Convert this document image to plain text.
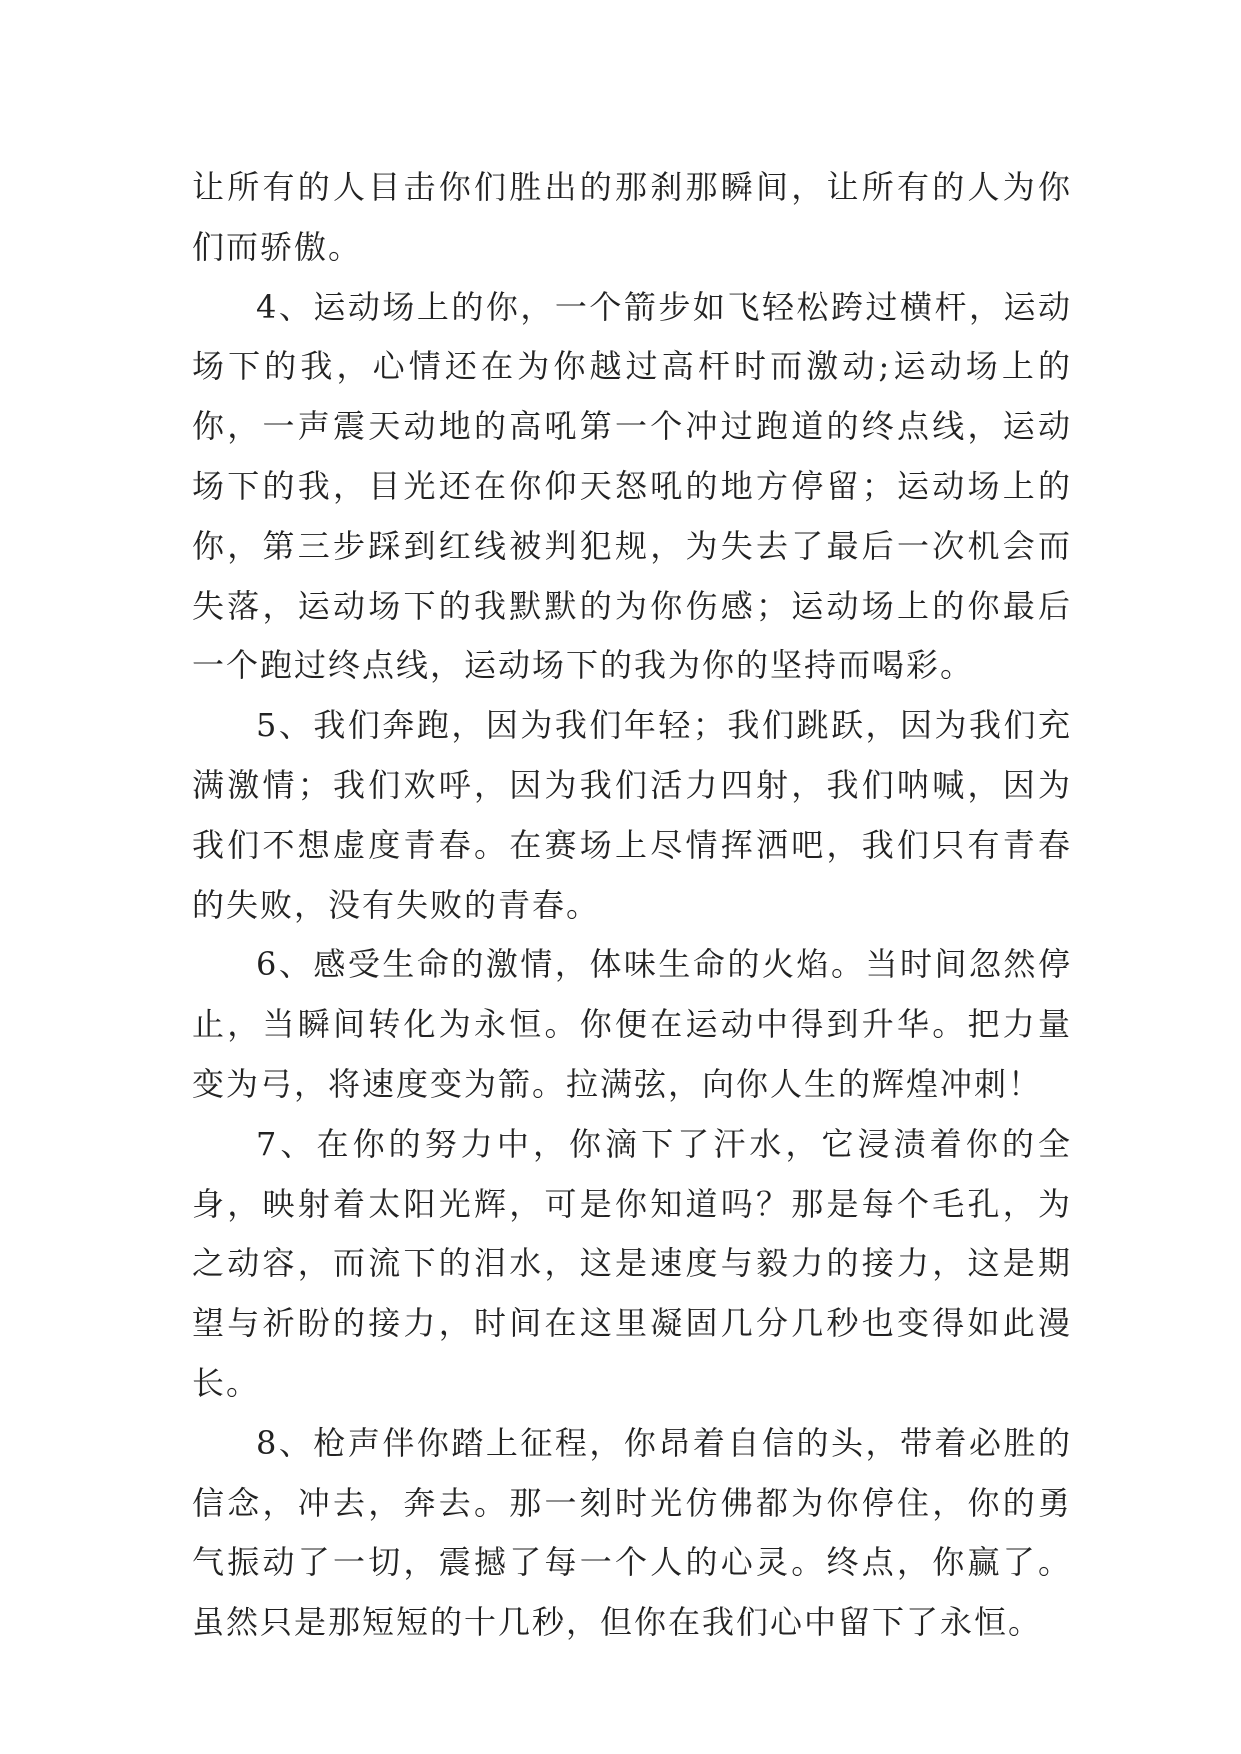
让所有的人目击你们胜出的那刹那瞬间，让所有的人为你们而骄傲。

4、运动场上的你，一个箭步如飞轻松跨过横杆，运动场下的我，心情还在为你越过高杆时而激动;运动场上的你，一声震天动地的高吼第一个冲过跑道的终点线，运动场下的我，目光还在你仰天怒吼的地方停留；运动场上的你，第三步踩到红线被判犯规，为失去了最后一次机会而失落，运动场下的我默默的为你伤感；运动场上的你最后一个跑过终点线，运动场下的我为你的坚持而喝彩。

5、我们奔跑，因为我们年轻；我们跳跃，因为我们充满激情；我们欢呼，因为我们活力四射，我们呐喊，因为我们不想虚度青春。在赛场上尽情挥洒吧，我们只有青春的失败，没有失败的青春。

6、感受生命的激情，体味生命的火焰。当时间忽然停止，当瞬间转化为永恒。你便在运动中得到升华。把力量变为弓，将速度变为箭。拉满弦，向你人生的辉煌冲刺！

7、在你的努力中，你滴下了汗水，它浸渍着你的全身，映射着太阳光辉，可是你知道吗？那是每个毛孔，为之动容，而流下的泪水，这是速度与毅力的接力，这是期望与祈盼的接力，时间在这里凝固几分几秒也变得如此漫长。

8、枪声伴你踏上征程，你昂着自信的头，带着必胜的信念，冲去，奔去。那一刻时光仿佛都为你停住，你的勇气振动了一切，震撼了每一个人的心灵。终点，你赢了。虽然只是那短短的十几秒，但你在我们心中留下了永恒。
